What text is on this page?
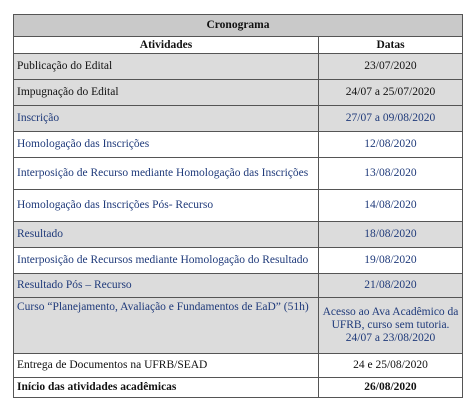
Cronograma	
Atividades	Datas
Publicação do Edital	23/07/2020
Impugnação do Edital	24/07 a 25/07/2020
Inscrição	27/07 a 09/08/2020
Homologação das Inscrições	12/08/2020
Interposição de Recurso mediante Homologação das Inscrições	13/08/2020
Homologação das Inscrições Pós- Recurso	14/08/2020
Resultado	18/08/2020
Interposição de Recursos mediante Homologação do Resultado	19/08/2020
Resultado Pós – Recurso	21/08/2020
Curso “Planejamento, Avaliação e Fundamentos de EaD” (51h)	Acesso ao Ava Acadêmico da UFRB, curso sem tutoria.
24/07 a 23/08/2020

Entrega de Documentos na UFRB/SEAD	24 e 25/08/2020
Início das atividades acadêmicas	26/08/2020
